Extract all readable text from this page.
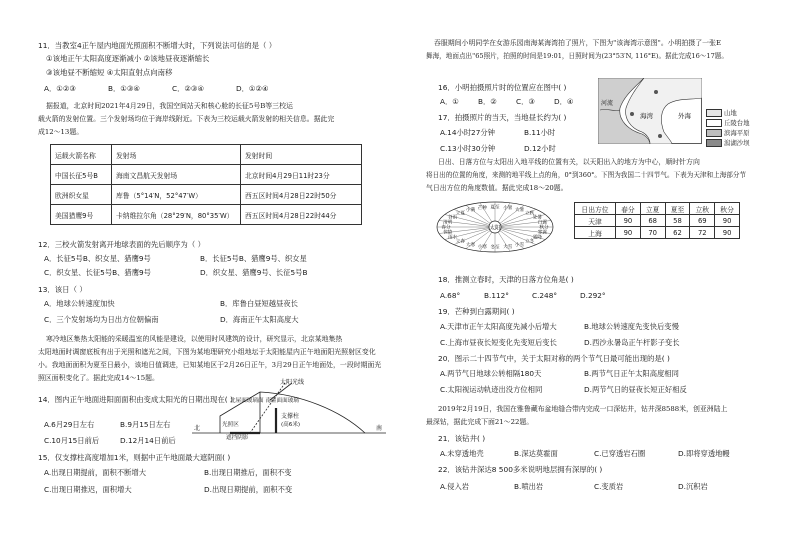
11．当教室4正午屋内地面光照面积不断增大时，下列说法可信的是（ ）
①该地正午太阳高度逐渐减小 ②该地昼夜逐渐缩长
③该地昼不断缩短 ④太阳直射点向南移
A．①②③	B．①③④	C．②③④	D．①②④
据报道，北京时间2021年4月29日，我国空间站天和核心舱的长征5号B等三校运
载火箭的发射位置。三个发射场均位于海岸线附近。下表为三校运载火箭发射的相关信息。据此完
成12～13题。
运载火箭名称	发射场	发射时间
中国长征5号B	海南文昌航天发射场	北京时间4月29日11时23分
欧洲织女星	库鲁（5°14′N，52°47′W）	西五区时间4月28日22时50分
美国猎鹰9号	卡纳维拉尔角（28°29′N，80°35′W）	西五区时间4月28日22时44分
12．三校火箭发射离开地球表面的先后顺序为（ ）
A．长征5号B、织女星、猎鹰9号	B．长征5号B、猎鹰9号、织女星
C．织女星、长征5号B、猎鹰9号	D．织女星、猎鹰9号、长征5号B
13．该日（ ）
A．地球公转速度加快	B．库鲁白昼短越昼夜长
C．三个发射场均为日出方位朝偏南	D．海南正午太阳高度大
寒冷地区集热太阳能的采暖温室的风能是建设，以使用时风建筑的设计，研究显示，北京某地集热
太阳地面时调窗底板有出于光照和遮光之间，下图为某地理研究小组地坛于太阳能屋内正午地面阳光照射区变化
小。我地面面积为夏至日最小，该地日值调进，已知某地区于2月26日正午，3月29日正午地面处，一段时期面光
照区面积变化了。据此完成14～15题。
太阳光线
北屋面玻璃面 南屋面面玻璃
支撑柱
(高6米)
光照区
遮挡阴影
北	南
14．图内正午地面进阳面面积由变成太阳光的日期出现在( )
A.6月29日左右	B.9月15日左右
C.10月15日前后	D.12月14日前后
15．仅支撑柱高度增加1米，则据中正午地面最大遮阴面( )
A.出现日期提前，面积不断增大	B.出现日期推后，面积不变
C.出现日期推迟，面积增大	D.出现日期提前，面积不变
吞服期间小明同学在女游乐园南海某海湾拍了照片，下图为"该海湾示意图"。小明拍摄了一张E
舞海，地面点出"65照片，拍照的时间是19:01，日照时间为(23°53′N, 116°E)。据此完成16～17题。
16．小明拍摄照片时的位置应在图中( )
A．①	B．②	C．③	D．④
17．拍摄照片的当天，当地昼长约为( )
A.14小时27分钟	B.11小时
C.13小时30分钟	D.12小时
河流
海湾	外海	山地
丘陵台地
滨海平原
潟湖沙坝
日出、日落方位与太阳出入地平线的位置有关，以天阳出入的地方为中心，顺时针方向
将日出的位置的角度，来测的地平线上点的角，0°到360°。下图为我国二十四节气。下表为天津和上海部分节
气日出方位的角度数值。据此完成18～20题。
太阳
春分
清明
谷雨
立夏
小满 芒种 夏至 小暑 大暑
立秋
处暑
白露
秋分
寒露
霜降
立冬
小雪
大雪
冬至
小寒
大寒
立春
雨水
惊蛰
日出方位	春分	立夏	夏至	立秋	秋分
天津	90	68	58	69	90
上海	90	70	62	72	90
18．推测立春时，天津的日落方位角是( )
A.68°	B.112°	C.248°	D.292°
19．芒种到白露期间( )
A.天津市正午太阳高度先减小后增大	B.地球公转速度先变快后变慢
C.上海市昼夜长短变化先变短后变长	D.西沙永暑岛正午杆影子变长
20．图示二十四节气中，关于太阳对称的两个节气日最可能出现的是( )
A.两节气日地球公转相隔180天	B.两节气日正午太阳高度相同
C.太阳视运动轨迹出没方位相同	D.两节气日的昼夜长短正好相反
2019年2月19日，我国在雅鲁藏布盆地缝合带内完成一口深钻井，钻井深8588米，创亚洲陆上
最深钻，据此完成下面21～22题。
21．该钻井( )
A.未穿透地壳	B.深达莫霍面	C.已穿透岩石圈	D.即将穿透地幔
22．该钻井深达8 500多米说明地层拥有深厚的( )
A.侵入岩	B.喷出岩	C.变质岩	D.沉积岩
